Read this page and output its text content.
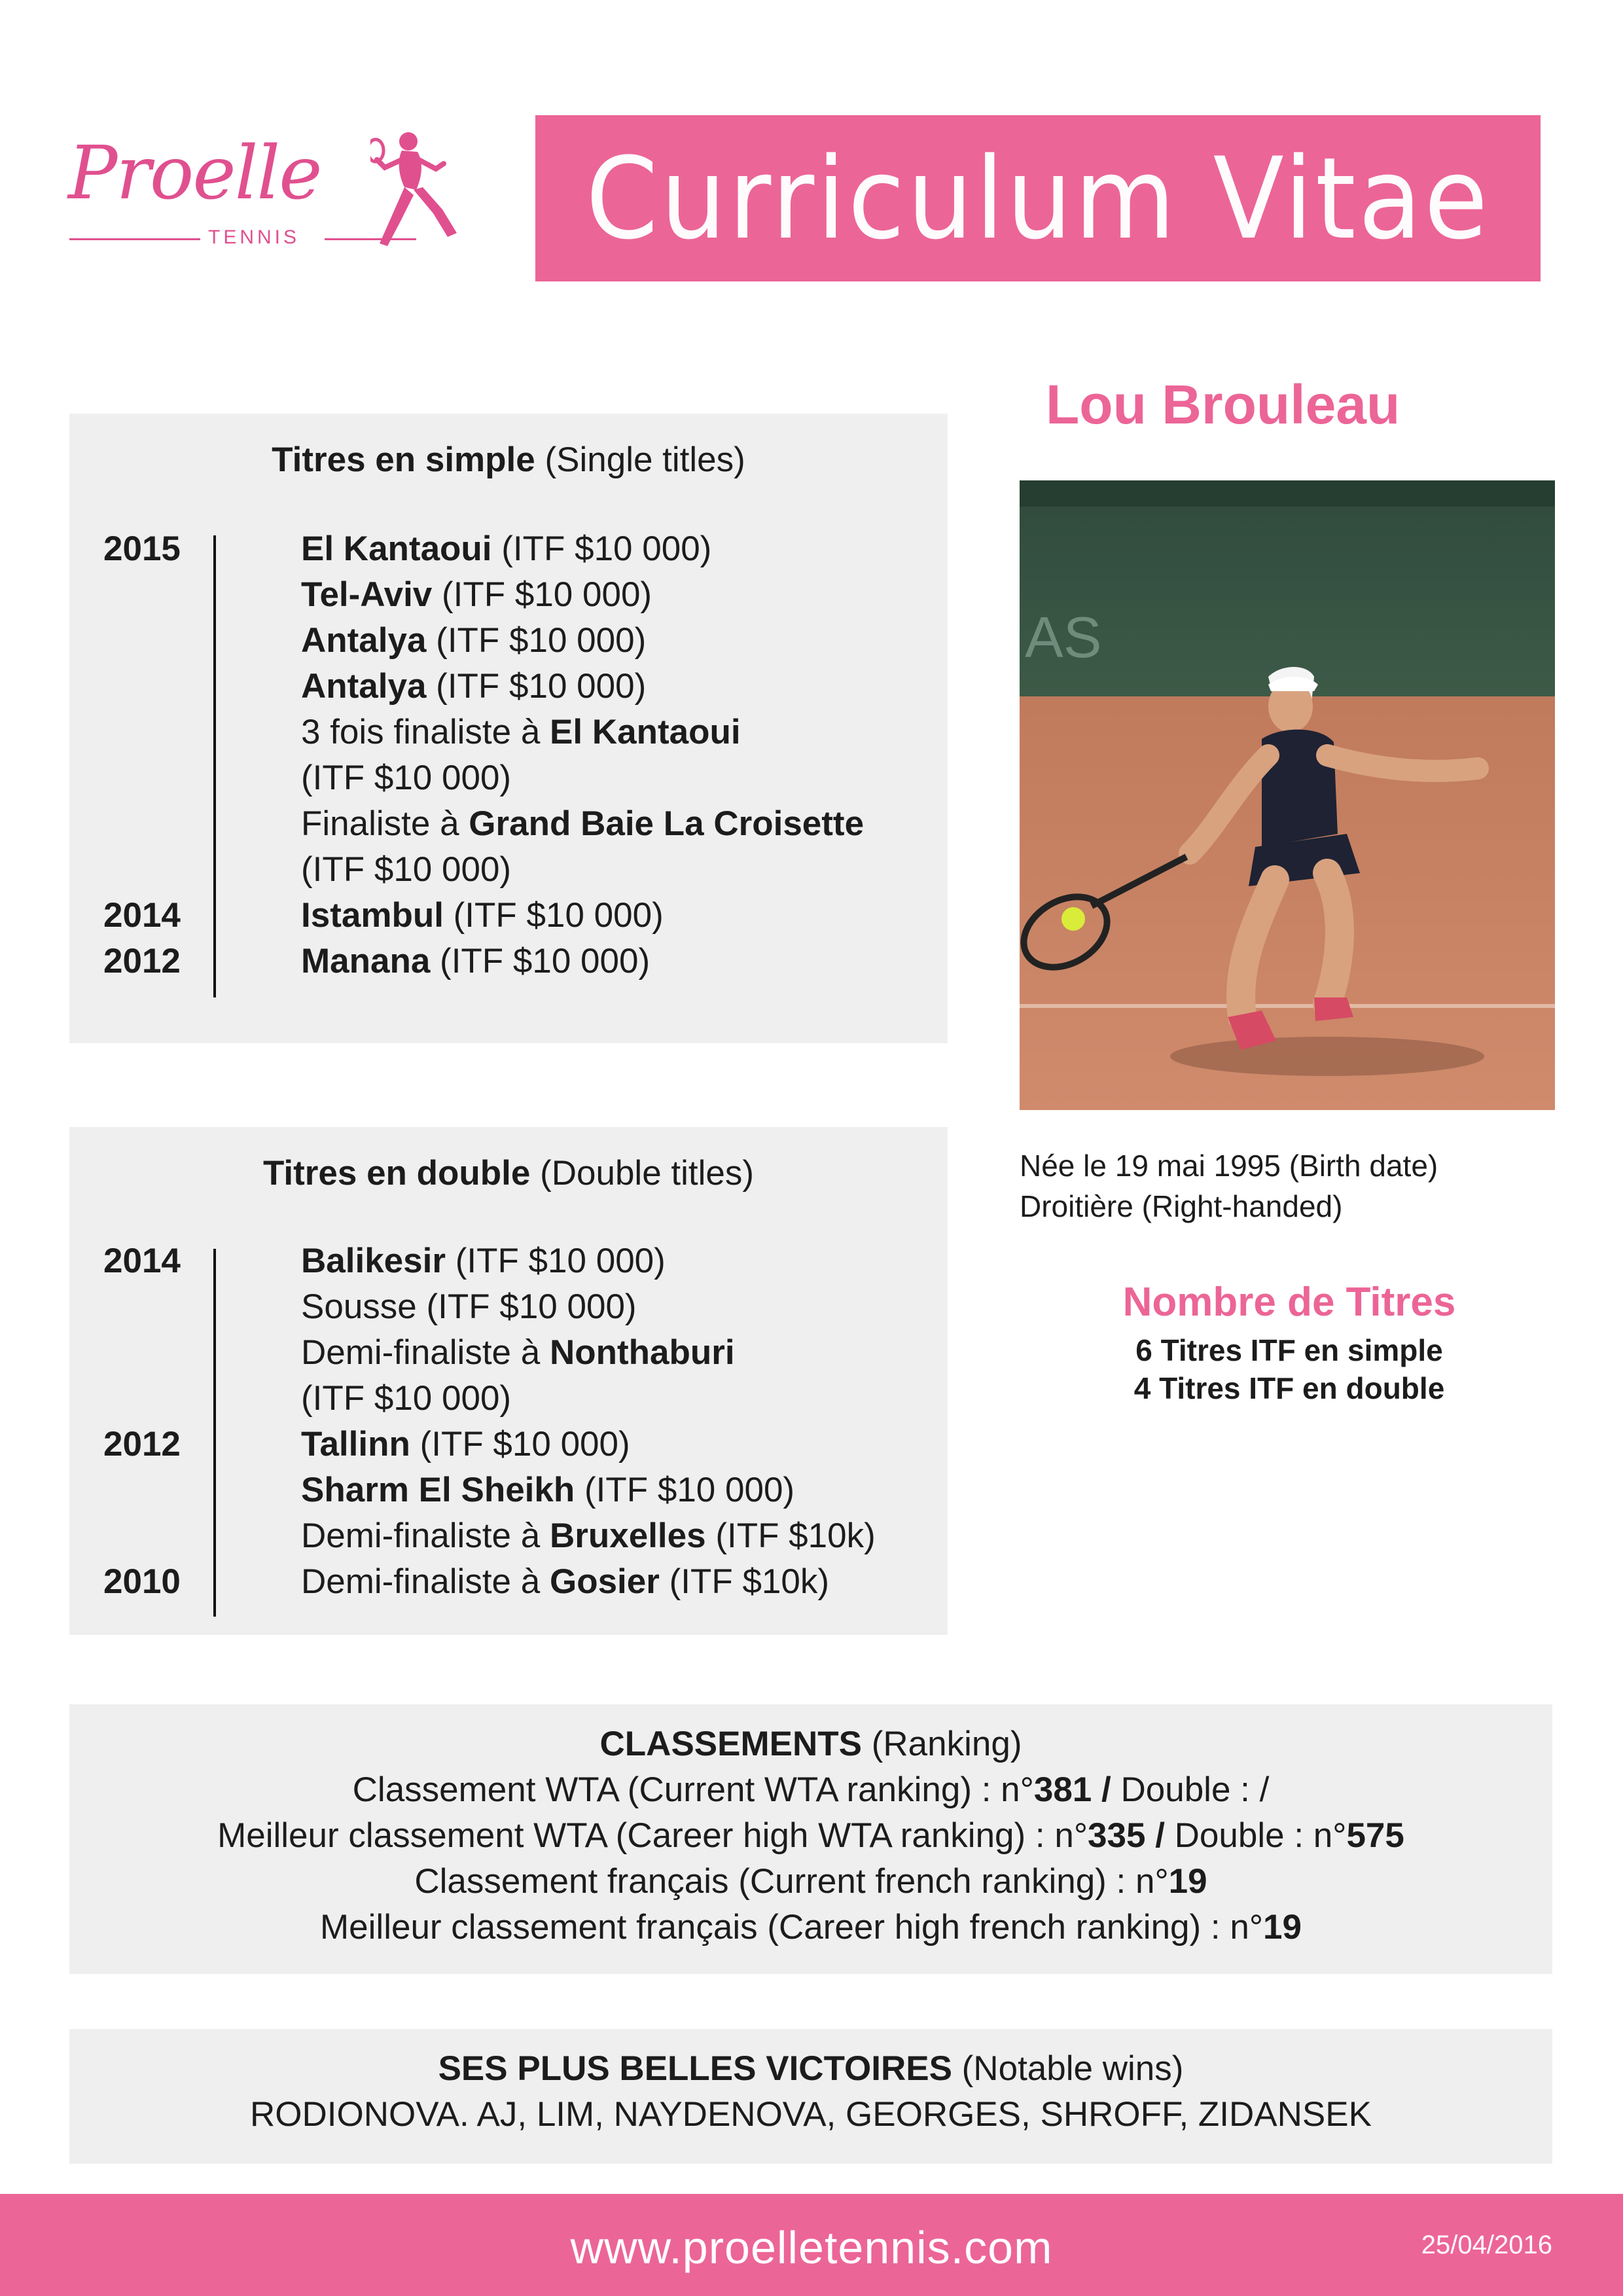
Proelle
TENNIS	Curriculum Vitae
Titres en simple (Single titles)
2015
2014
2012
El Kantaoui (ITF $10 000)
Tel-Aviv (ITF $10 000)
Antalya (ITF $10 000)
Antalya (ITF $10 000)
3 fois finaliste à El Kantaoui
(ITF $10 000)
Finaliste à Grand Baie La Croisette
(ITF $10 000)
Istambul (ITF $10 000)
Manana (ITF $10 000)
Titres en double (Double titles)
2014
2012
2010
Balikesir (ITF $10 000)
Sousse (ITF $10 000)
Demi-finaliste à Nonthaburi
(ITF $10 000)
Tallinn (ITF $10 000)
Sharm El Sheikh (ITF $10 000)
Demi-finaliste à Bruxelles (ITF $10k)
Demi-finaliste à Gosier (ITF $10k)
Lou Brouleau
AS
Née le 19 mai 1995 (Birth date)
Droitière (Right-handed)
Nombre de Titres
6 Titres ITF en simple
4 Titres ITF en double
CLASSEMENTS (Ranking)
Classement WTA (Current WTA ranking) : n°381 / Double : /
Meilleur classement WTA (Career high WTA ranking) : n°335 / Double : n°575
Classement français (Current french ranking) : n°19
Meilleur classement français (Career high french ranking) : n°19
SES PLUS BELLES VICTOIRES (Notable wins)
RODIONOVA. AJ, LIM, NAYDENOVA, GEORGES, SHROFF, ZIDANSEK
www.proelletennis.com	25/04/2016
